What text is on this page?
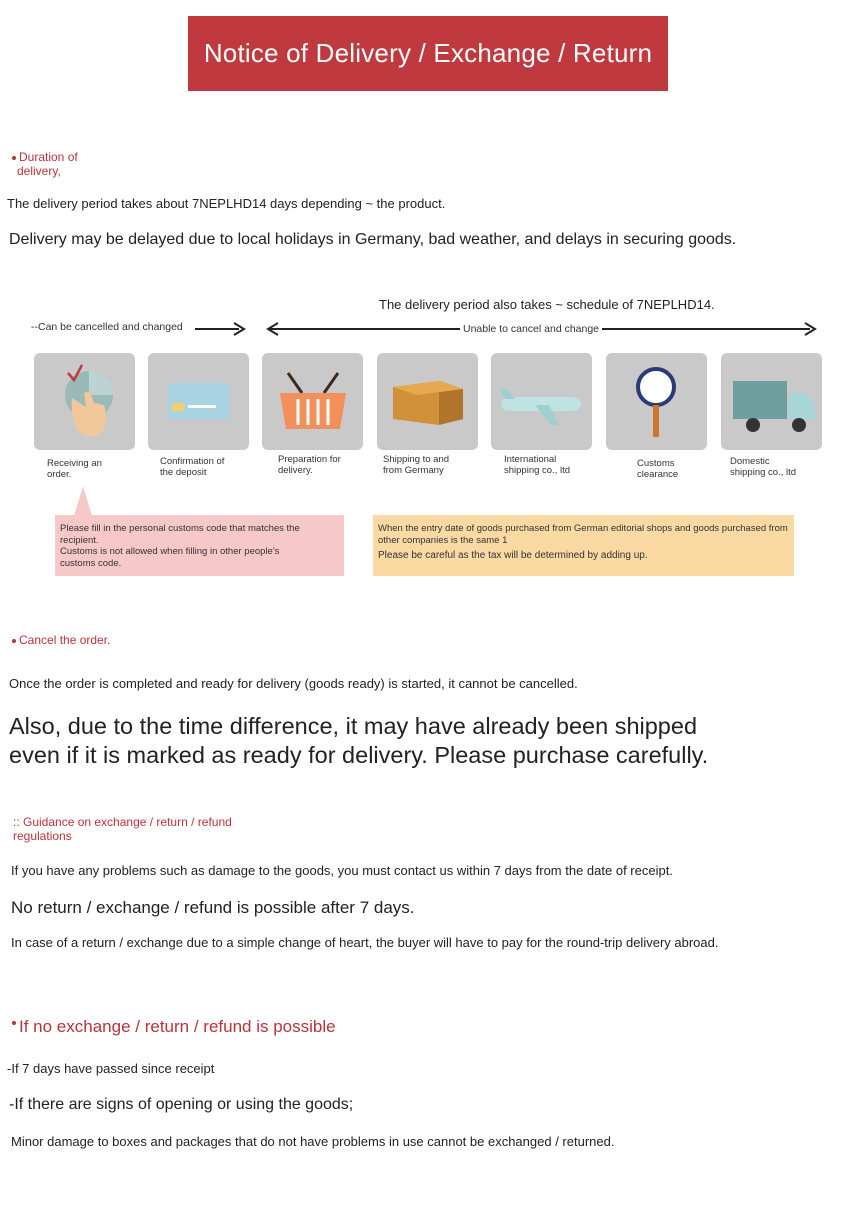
Notice of Delivery / Exchange / Return
Duration of
delivery,
The delivery period takes about 7NEPLHD14 days depending ~ the product.
Delivery may be delayed due to local holidays in Germany, bad weather, and delays in securing goods.
The delivery period also takes ~ schedule of 7NEPLHD14.
--Can be cancelled and changed	Unable to cancel and change
Receiving an
order.
Confirmation of
the deposit
Preparation for
delivery.
Shipping to and
from Germany
International
shipping co., ltd
Customs
clearance
Domestic
shipping co., ltd
Please fill in the personal customs code that matches the
recipient.
Customs is not allowed when filling in other people's
customs code.
When the entry date of goods purchased from German editorial shops and goods purchased from
other companies is the same 1
Please be careful as the tax will be determined by adding up.
Cancel the order.
Once the order is completed and ready for delivery (goods ready) is started, it cannot be cancelled.
Also, due to the time difference, it may have already been shipped
even if it is marked as ready for delivery. Please purchase carefully.
:: Guidance on exchange / return / refund
regulations
If you have any problems such as damage to the goods, you must contact us within 7 days from the date of receipt.
No return / exchange / refund is possible after 7 days.
In case of a return / exchange due to a simple change of heart, the buyer will have to pay for the round-trip delivery abroad.
If no exchange / return / refund is possible
-If 7 days have passed since receipt
-If there are signs of opening or using the goods;
Minor damage to boxes and packages that do not have problems in use cannot be exchanged / returned.
